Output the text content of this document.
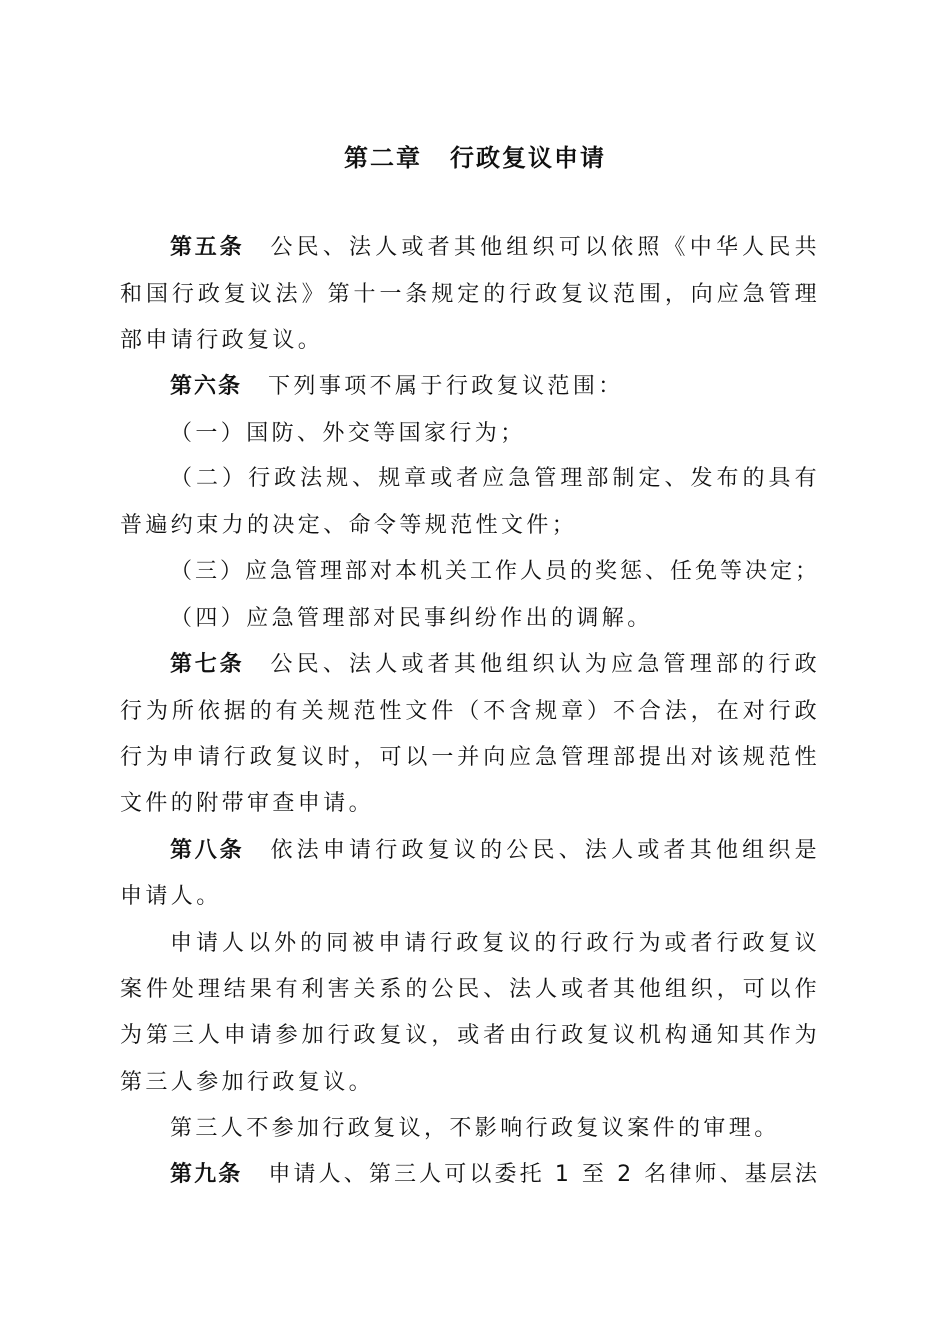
第二章 行政复议申请
第五条 公民、法人或者其他组织可以依照《中华人民共
和国行政复议法》第十一条规定的行政复议范围，向应急管理
部申请行政复议。
第六条 下列事项不属于行政复议范围：
（一）国防、外交等国家行为；
（二）行政法规、规章或者应急管理部制定、发布的具有
普遍约束力的决定、命令等规范性文件；
（三）应急管理部对本机关工作人员的奖惩、任免等决定；
（四）应急管理部对民事纠纷作出的调解。
第七条 公民、法人或者其他组织认为应急管理部的行政
行为所依据的有关规范性文件（不含规章）不合法，在对行政
行为申请行政复议时，可以一并向应急管理部提出对该规范性
文件的附带审查申请。
第八条 依法申请行政复议的公民、法人或者其他组织是
申请人。
申请人以外的同被申请行政复议的行政行为或者行政复议
案件处理结果有利害关系的公民、法人或者其他组织，可以作
为第三人申请参加行政复议，或者由行政复议机构通知其作为
第三人参加行政复议。
第三人不参加行政复议，不影响行政复议案件的审理。
第九条 申请人、第三人可以委托 1 至 2 名律师、基层法
